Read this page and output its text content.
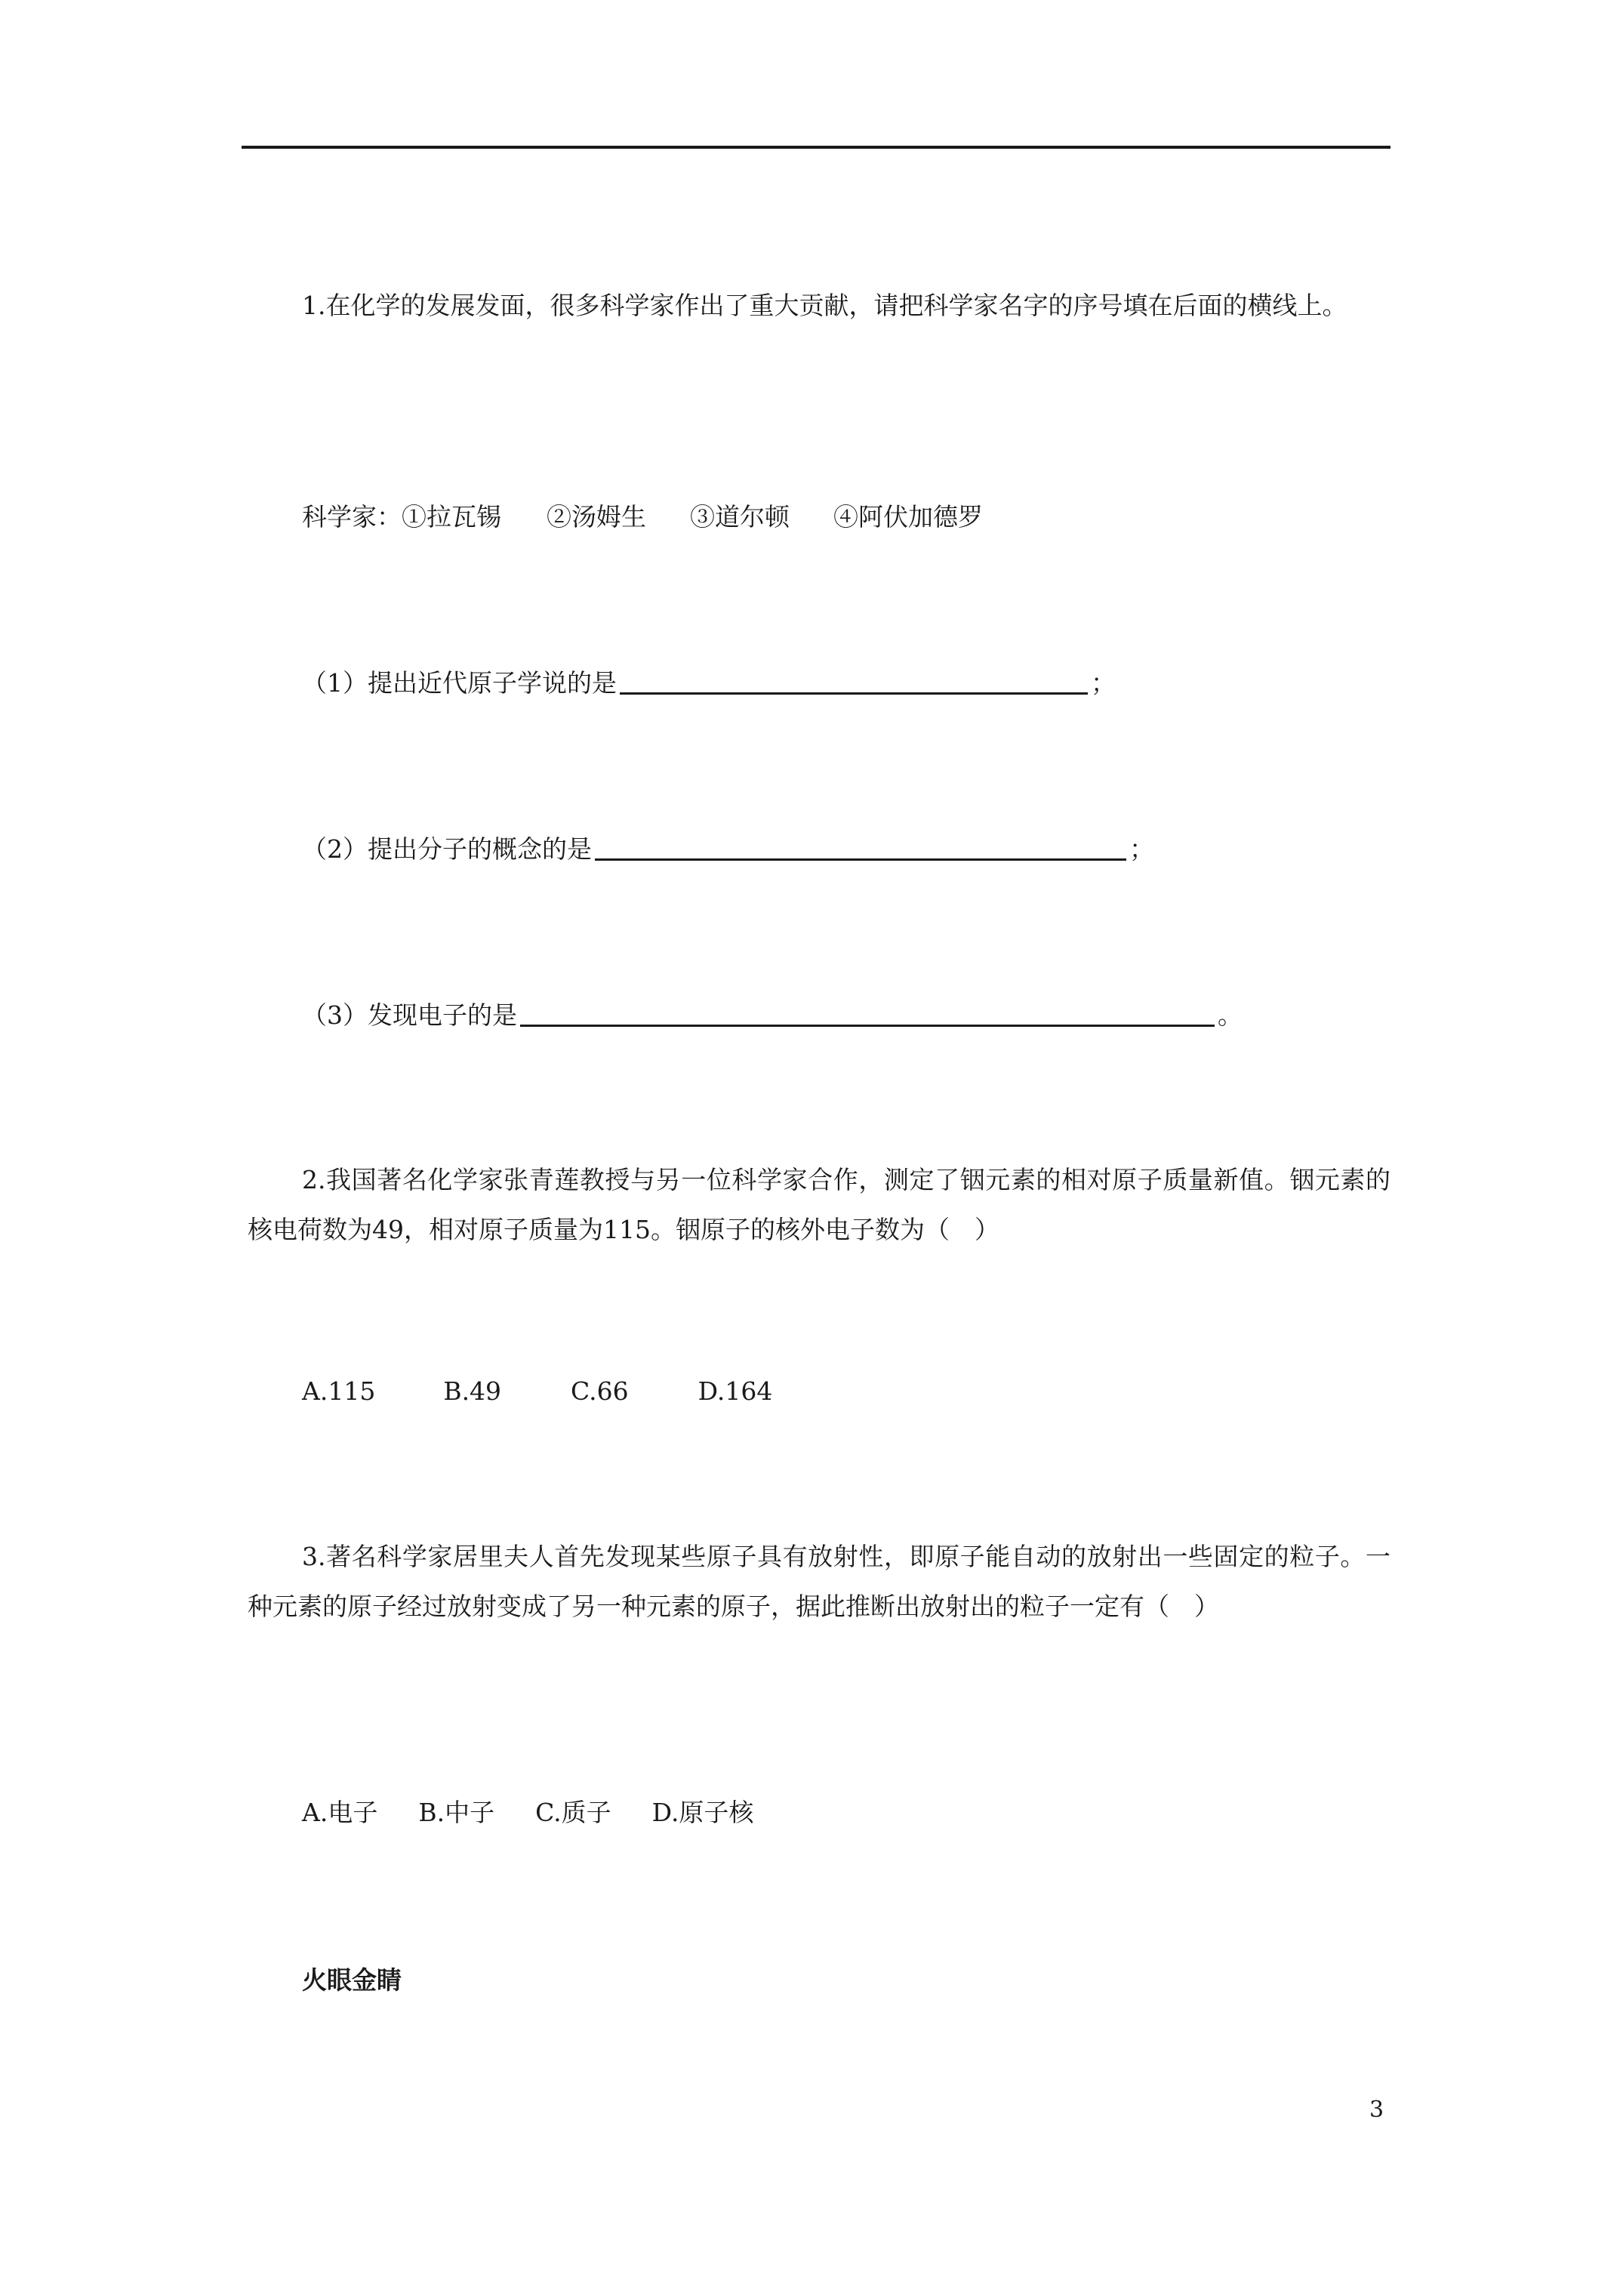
1.在化学的发展发面，很多科学家作出了重大贡献，请把科学家名字的序号填在后面的横线上。
科学家：①拉瓦锡 ②汤姆生 ③道尔顿 ④阿伏加德罗
（1）提出近代原子学说的是	；
（2）提出分子的概念的是	；
（3）发现电子的是	。
2.我国著名化学家张青莲教授与另一位科学家合作，测定了铟元素的相对原子质量新值。铟元素的核电荷数为49，相对原子质量为115。铟原子的核外电子数为（　）
A.115	B.49	C.66	D.164
3.著名科学家居里夫人首先发现某些原子具有放射性，即原子能自动的放射出一些固定的粒子。一种元素的原子经过放射变成了另一种元素的原子，据此推断出放射出的粒子一定有（　）
A.电子 B.中子 C.质子 D.原子核
火眼金睛
3
